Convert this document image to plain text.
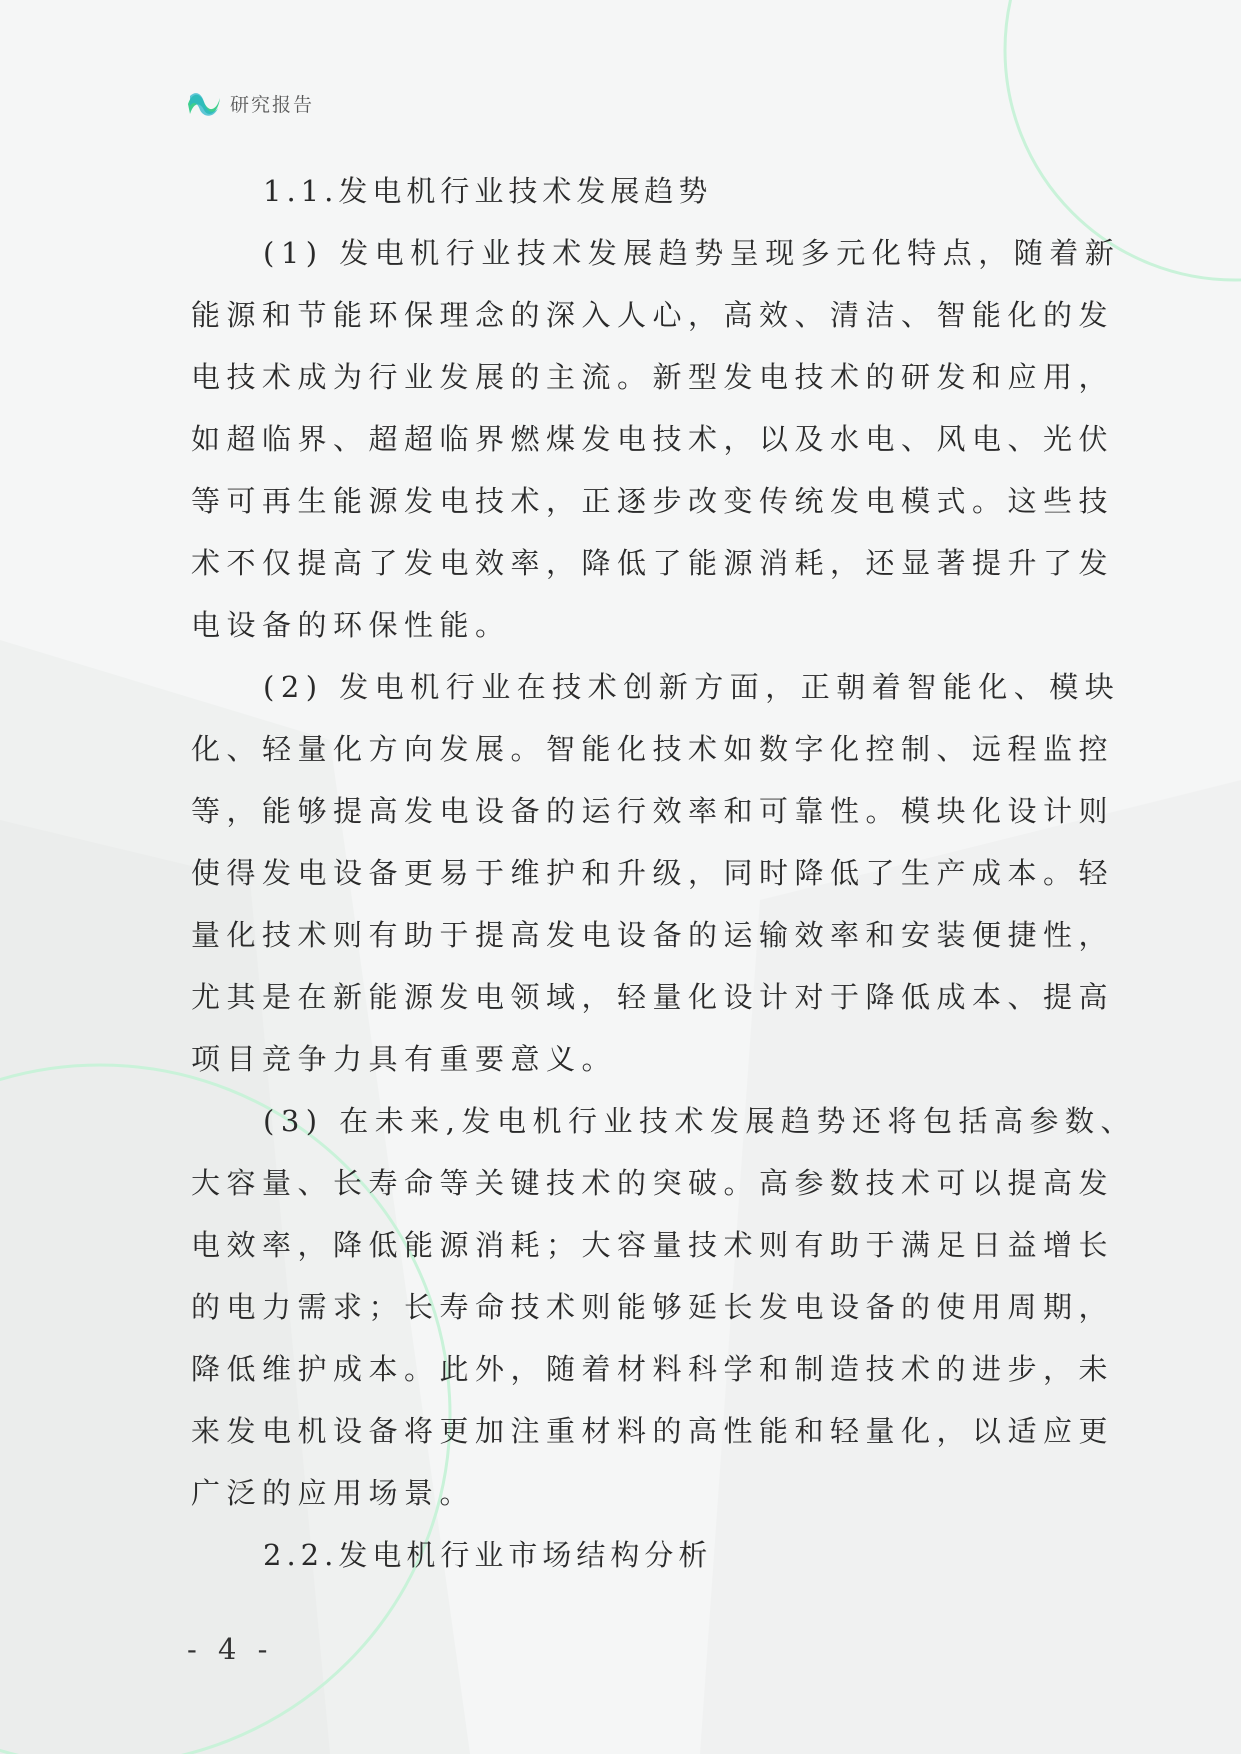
研究报告
1.1.发电机行业技术发展趋势
(1) 发电机行业技术发展趋势呈现多元化特点，随着新
能源和节能环保理念的深入人心，高效、清洁、智能化的发
电技术成为行业发展的主流。新型发电技术的研发和应用，
如超临界、超超临界燃煤发电技术，以及水电、风电、光伏
等可再生能源发电技术，正逐步改变传统发电模式。这些技
术不仅提高了发电效率，降低了能源消耗，还显著提升了发
电设备的环保性能。
(2) 发电机行业在技术创新方面，正朝着智能化、模块
化、轻量化方向发展。智能化技术如数字化控制、远程监控
等，能够提高发电设备的运行效率和可靠性。模块化设计则
使得发电设备更易于维护和升级，同时降低了生产成本。轻
量化技术则有助于提高发电设备的运输效率和安装便捷性，
尤其是在新能源发电领域，轻量化设计对于降低成本、提高
项目竞争力具有重要意义。
(3) 在未来,发电机行业技术发展趋势还将包括高参数、
大容量、长寿命等关键技术的突破。高参数技术可以提高发
电效率，降低能源消耗；大容量技术则有助于满足日益增长
的电力需求；长寿命技术则能够延长发电设备的使用周期，
降低维护成本。此外，随着材料科学和制造技术的进步，未
来发电机设备将更加注重材料的高性能和轻量化，以适应更
广泛的应用场景。
2.2.发电机行业市场结构分析
- 4 -
